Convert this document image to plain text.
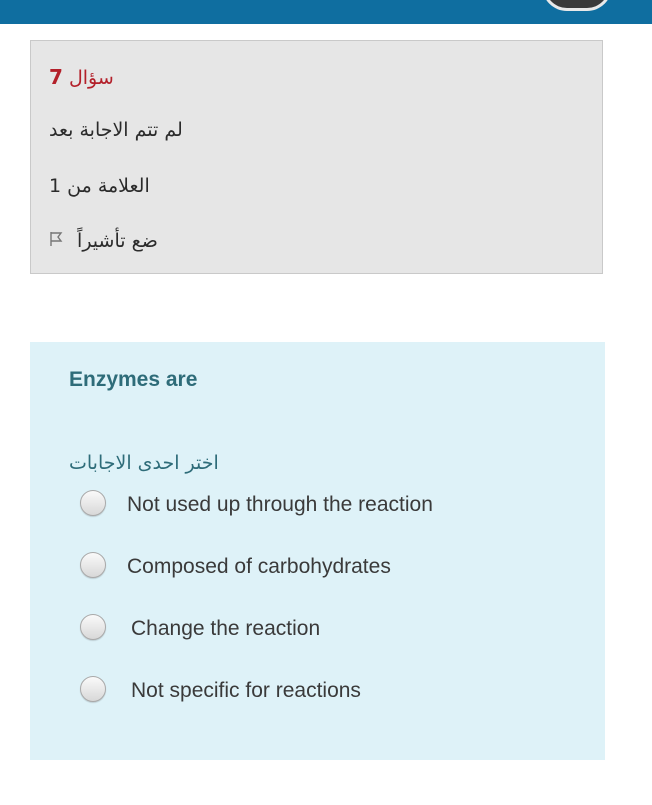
سؤال 7
لم تتم الاجابة بعد
العلامة من 1
ضع تأشيراً
Enzymes are
اختر احدى الاجابات
Not used up through the reaction
Composed of carbohydrates
Change the reaction
Not specific for reactions
